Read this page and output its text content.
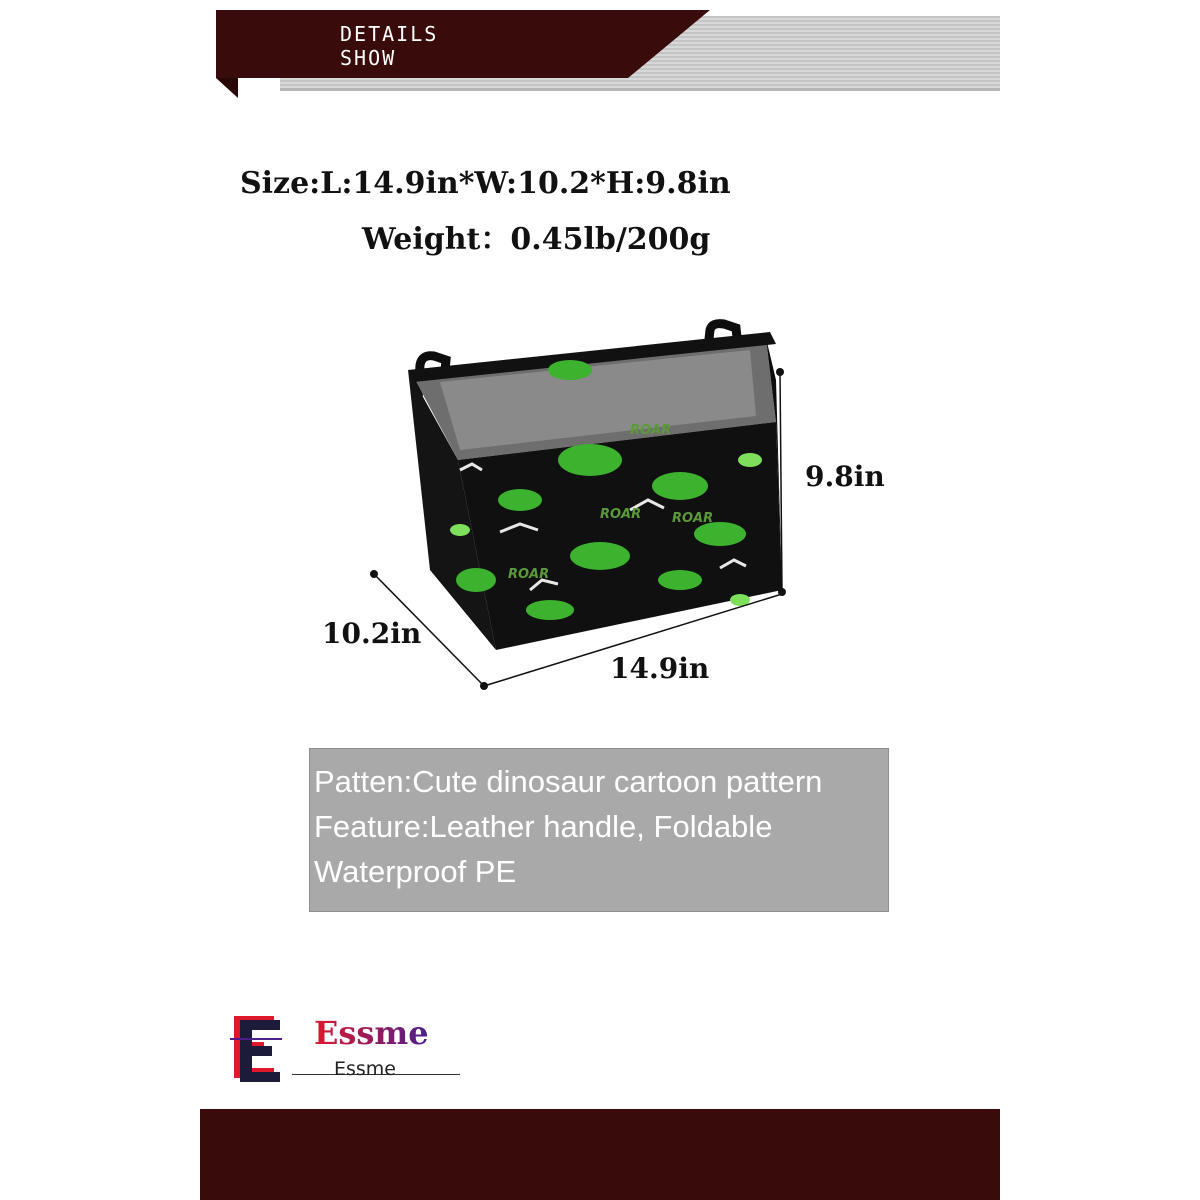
DETAILS
SHOW
Size:L:14.9in*W:10.2*H:9.8in
Weight：0.45lb/200g
ROAR ROAR
ROAR
ROAR
9.8in
10.2in
14.9in
Patten:Cute dinosaur cartoon pattern
Feature:Leather handle, Foldable
Waterproof PE
Essme
Essme
